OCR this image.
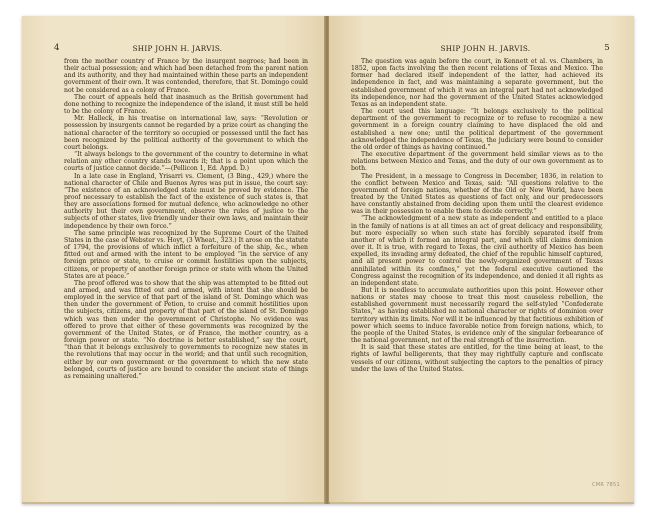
4	SHIP JOHN H. JARVIS.

from the mother country of France by the insurgent negroes; had been in their actual possession; and which had been detached from the parent nation and its authority, and they had maintained within these parts an independent government of their own. It was contended, therefore, that St. Domingo could not be considered as a colony of France.

The court of appeals held that inasmuch as the British government had done nothing to recognize the independence of the island, it must still be held to be the colony of France.

Mr. Halleck, in his treatise on international law, says: “Revolution or possession by insurgents cannot be regarded by a prize court as changing the national character of the territory so occupied or possessed until the fact has been recognized by the political authority of the government to which the court belongs.

“It always belongs to the government of the country to determine in what relation any other country stands towards it; that is a point upon which the courts of justice cannot decide.”—(Pellicon 1, Ed. Appd. D.)

In a late case in England, Yrisarri vs. Clement, (3 Bing., 429,) where the national character of Chile and Buenos Ayres was put in issue, the court say: “The existence of an acknowledged state must be proved by evidence. The proof necessary to establish the fact of the existence of such states is, that they are associations formed for mutual defence, who acknowledge no other authority but their own government, observe the rules of justice to the subjects of other states, live friendly under their own laws, and maintain their independence by their own force.”

The same principle was recognized by the Supreme Court of the United States in the case of Webster vs. Hoyt, (3 Wheat., 323.) It arose on the statute of 1794, the provisions of which inflict a forfeiture of the ship, &c., when fitted out and armed with the intent to be employed “in the service of any foreign prince or state, to cruise or commit hostilities upon the subjects, citizens, or property of another foreign prince or state with whom the United States are at peace.”

The proof offered was to show that the ship was attempted to be fitted out and armed, and was fitted out and armed, with intent that she should be employed in the service of that part of the island of St. Domingo which was then under the government of Petion, to cruise and commit hostilities upon the subjects, citizens, and property of that part of the island of St. Domingo which was then under the government of Christophe. No evidence was offered to prove that either of these governments was recognized by the government of the United States, or of France, the mother country, as a foreign power or state. “No doctrine is better established,” say the court, “than that it belongs exclusively to governments to recognize new states in the revolutions that may occur in the world; and that until such recognition, either by our own government or the government to which the new state belonged, courts of justice are bound to consider the ancient state of things as remaining unaltered.”

SHIP JOHN H. JARVIS.	5

The question was again before the court, in Kennett et al. vs. Chambers, in 1852, upon facts involving the then recent relations of Texas and Mexico. The former had declared itself independent of the latter, had achieved its independence in fact, and was maintaining a separate government, but the established government of which it was an integral part had not acknowledged its independence, nor had the government of the United States acknowledged Texas as an independent state.

The court used this language: “It belongs exclusively to the political department of the government to recognize or to refuse to recognize a new government in a foreign country claiming to have displaced the old and established a new one; until the political department of the government acknowledged the independence of Texas, the judiciary were bound to consider the old order of things as having continued.”

The executive department of the government held similar views as to the relations between Mexico and Texas, and the duty of our own government as to both.

The President, in a message to Congress in December, 1836, in relation to the conflict between Mexico and Texas, said: “All questions relative to the government of foreign nations, whether of the Old or New World, have been treated by the United States as questions of fact only, and our predecessors have constantly abstained from deciding upon them until the clearest evidence was in their possession to enable them to decide correctly.”

“The acknowledgment of a new state as independent and entitled to a place in the family of nations is at all times an act of great delicacy and responsibility, but more especially so when such state has forcibly separated itself from another of which it formed an integral part, and which still claims dominion over it. It is true, with regard to Texas, the civil authority of Mexico has been expelled, its invading army defeated, the chief of the republic himself captured, and all present power to control the newly-organized government of Texas annihilated within its confines,” yet the federal executive cautioned the Congress against the recognition of its independence, and denied it all rights as an independent state.

But it is needless to accumulate authorities upon this point. However other nations or states may choose to treat this most causeless rebellion, the established government must necessarily regard the self-styled “Confederate States,” as having established no national character or rights of dominion over territory within its limits. Nor will it be influenced by that factitious exhibition of power which seems to induce favorable notice from foreign nations, which, to the people of the United States, is evidence only of the singular forbearance of the national government, not of the real strength of the insurrection.

It is said that these states are entitled, for the time being at least, to the rights of lawful belligerents, that they may rightfully capture and confiscate vessels of our citizens, without subjecting the captors to the penalties of piracy under the laws of the United States.

CMR 7851
